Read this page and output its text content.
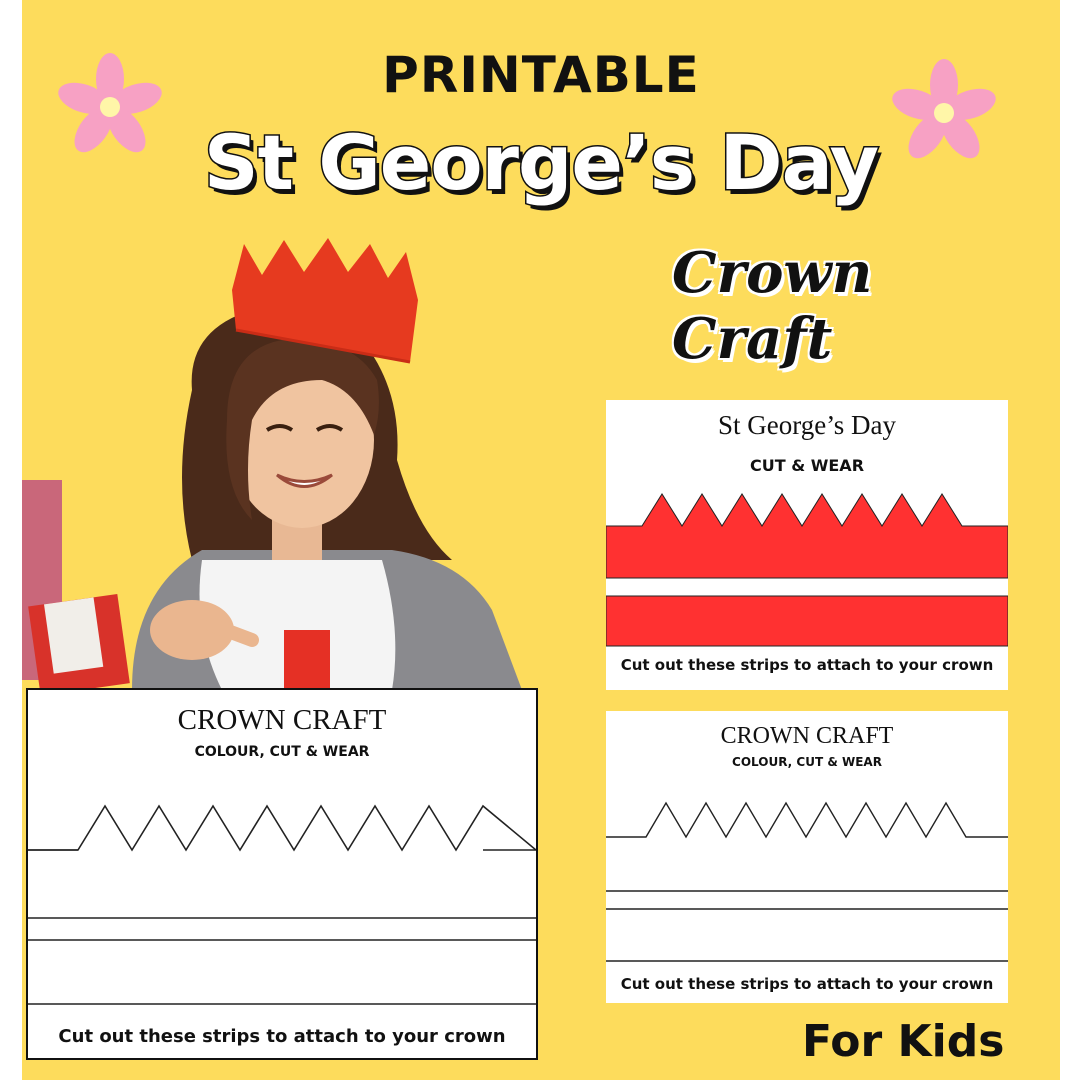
PRINTABLE
St George’s Day
Crown
Craft
St George’s Day
CUT & WEAR
Cut out these strips to attach to your crown
CROWN CRAFT
COLOUR, CUT & WEAR
Cut out these strips to attach to your crown
CROWN CRAFT
COLOUR, CUT & WEAR
Cut out these strips to attach to your crown	For Kids
